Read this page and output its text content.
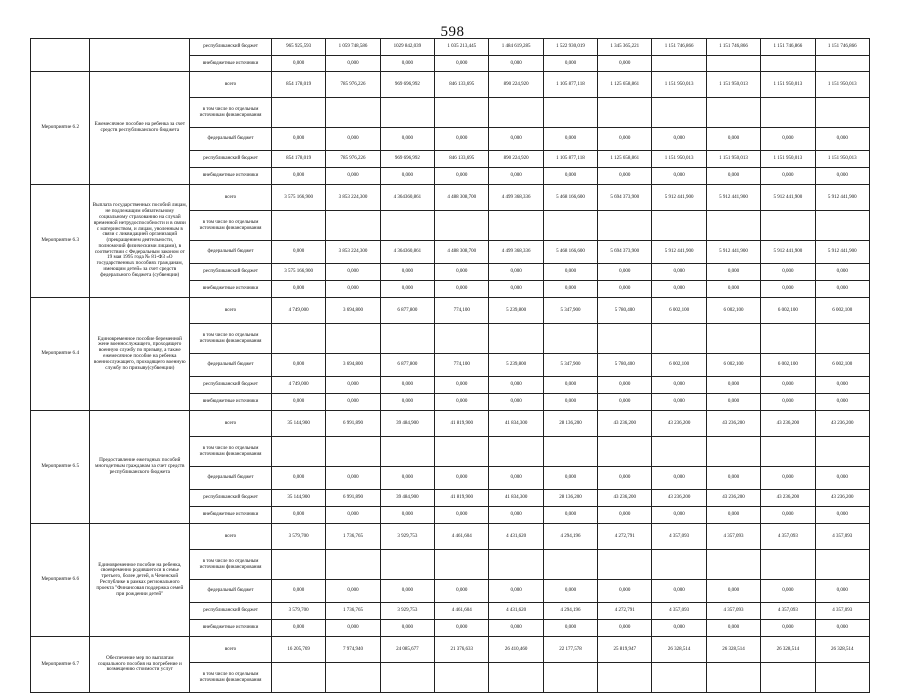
598
		республиканский бюджет	965 925,593	1 059 748,586	1029 842,039	1 035 213,445	1 484 619,285	1 522 930,019	1 345 365,221	1 151 746,866	1 151 746,866	1 151 746,866	1 151 746,866
		внебюджетные источники	0,000	0,000	0,000	0,000	0,000	0,000	0,000				
Мероприятие 6.2	Ежемесячное пособие на ребенка за счет средств республиканского бюджета	всего	854 178,019	785 976,226	969 696,992	846 133,695	890 224,920	1 105 877,118	1 125 658,861	1 151 950,013	1 151 950,013	1 151 950,013	1 151 950,013
		в том числе по отдельным источникам финансирования											
		федеральный бюджет	0,000	0,000	0,000	0,000	0,000	0,000	0,000	0,000	0,000	0,000	0,000
		республиканский бюджет	854 178,019	785 976,226	969 696,992	846 133,695	890 224,920	1 105 877,118	1 125 658,861	1 151 950,013	1 151 950,013	1 151 950,013	1 151 950,013
		внебюджетные источники	0,000	0,000	0,000	0,000	0,000	0,000	0,000	0,000	0,000	0,000	0,000
Мероприятие 6.3	Выплата государственных пособий лицам, не подлежащим обязательному социальному страхованию на случай временной нетрудоспособности и в связи с материнством, и лицам, уволенным в связи с ликвидацией организаций (прекращением деятельности, полномочий физическими лицами), в соответствии с Федеральным законом от 19 мая 1995 года № 81-ФЗ «О государственных пособиях гражданам, имеющим детей» за счет средств федерального бюджета (субвенции)	всего	3 575 166,900	3 853 224,300	4 364360,861	4 488 308,700	4 499 368,336	5 468 166,600	5 694 373,900	5 912 441,900	5 912 441,900	5 912 441,900	5 912 441,900
		в том числе по отдельным источникам финансирования											
		федеральный бюджет	0,000	3 853 224,300	4 364360,861	4 488 308,700	4 499 368,336	5 468 166,600	5 694 373,900	5 912 441,900	5 912 441,900	5 912 441,900	5 912 441,900
		республиканский бюджет	3 575 166,900	0,000	0,000	0,000	0,000	0,000	0,000	0,000	0,000	0,000	0,000
		внебюджетные источники	0,000	0,000	0,000	0,000	0,000	0,000	0,000	0,000	0,000	0,000	0,000
Мероприятие 6.4	Единовременное пособие беременной жене военнослужащего, проходящего военную службу по призыву, а также ежемесячное пособие на ребенка военнослужащего, проходящего военную службу по призыву(субвенции)	всего	4 749,000	3 694,800	6 877,800	774,100	5 239,800	5 347,900	5 780,400	6 002,100	6 002,100	6 002,100	6 002,100
		в том числе по отдельным источникам финансирования											
		федеральный бюджет	0,000	3 694,800	6 877,800	774,100	5 239,800	5 347,900	5 780,400	6 002,100	6 002,100	6 002,100	6 002,100
		республиканский бюджет	4 749,000	0,000	0,000	0,000	0,000	0,000	0,000	0,000	0,000	0,000	0,000
		внебюджетные источники	0,000	0,000	0,000	0,000	0,000	0,000	0,000	0,000	0,000	0,000	0,000
Мероприятие 6.5	Предоставление ежегодных пособий многодетным гражданам за счет средств республиканского бюджета	всего	35 144,900	6 991,890	39 484,900	41 819,900	41 834,300	28 136,200	43 236,200	43 236,200	43 236,200	43 236,200	43 236,200
		в том числе по отдельным источникам финансирования											
		федеральный бюджет	0,000	0,000	0,000	0,000	0,000	0,000	0,000	0,000	0,000	0,000	0,000
		республиканский бюджет	35 144,900	6 991,890	39 484,900	41 819,900	41 834,300	28 136,200	43 236,200	43 236,200	43 236,200	43 236,200	43 236,200
		внебюджетные источники	0,000	0,000	0,000	0,000	0,000	0,000	0,000	0,000	0,000	0,000	0,000
Мероприятие 6.6	Единовременное пособие на ребенка, своевременно родившегося в семье третьего, более детей, в Чеченской Республике в рамках регионального проекта "Финансовая поддержка семей при рождении детей"	всего	3 579,700	1 736,765	3 929,753	4 461,604	4 431,620	4 294,196	4 272,791	4 357,093	4 357,093	4 357,093	4 357,093
		в том числе по отдельным источникам финансирования											
		федеральный бюджет	0,000	0,000	0,000	0,000	0,000	0,000	0,000	0,000	0,000	0,000	0,000
		республиканский бюджет	3 579,700	1 736,765	3 929,753	4 461,604	4 431,620	4 294,196	4 272,791	4 357,093	4 357,093	4 357,093	4 357,093
		внебюджетные источники	0,000	0,000	0,000	0,000	0,000	0,000	0,000	0,000	0,000	0,000	0,000
Мероприятие 6.7	Обеспечение мер по выплатам социального пособия на погребение и возмещению стоимости услуг	всего	16 205,769	7 974,940	24 085,677	21 376,633	26 410,460	22 177,578	25 819,947	26 328,514	26 328,514	26 328,514	26 328,514
		в том числе по отдельным источникам финансирования											
